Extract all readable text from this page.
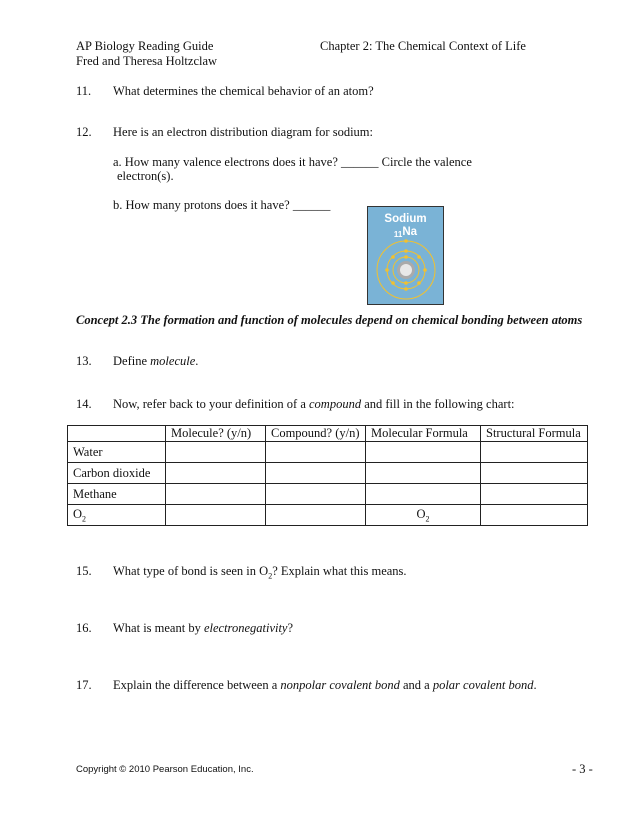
AP Biology Reading Guide
Fred and Theresa Holtzclaw
Chapter 2: The Chemical Context of Life
11. What determines the chemical behavior of an atom?
12. Here is an electron distribution diagram for sodium:
a. How many valence electrons does it have? ______ Circle the valence
electron(s).
b. How many protons does it have? ______
Sodium
$_{11}$Na
Concept 2.3 The formation and function of molecules depend on chemical bonding between atoms
13. Define molecule.
14. Now, refer back to your definition of a compound and fill in the following chart:
	Molecule? (y/n)	Compound? (y/n)	Molecular Formula	Structural Formula
Water				
Carbon dioxide				
Methane				
$O_2$			$O_2$	
15. What type of bond is seen in $O_2$? Explain what this means.
16. What is meant by electronegativity?
17. Explain the difference between a nonpolar covalent bond and a polar covalent bond.
Copyright © 2010 Pearson Education, Inc.	- 3 -
